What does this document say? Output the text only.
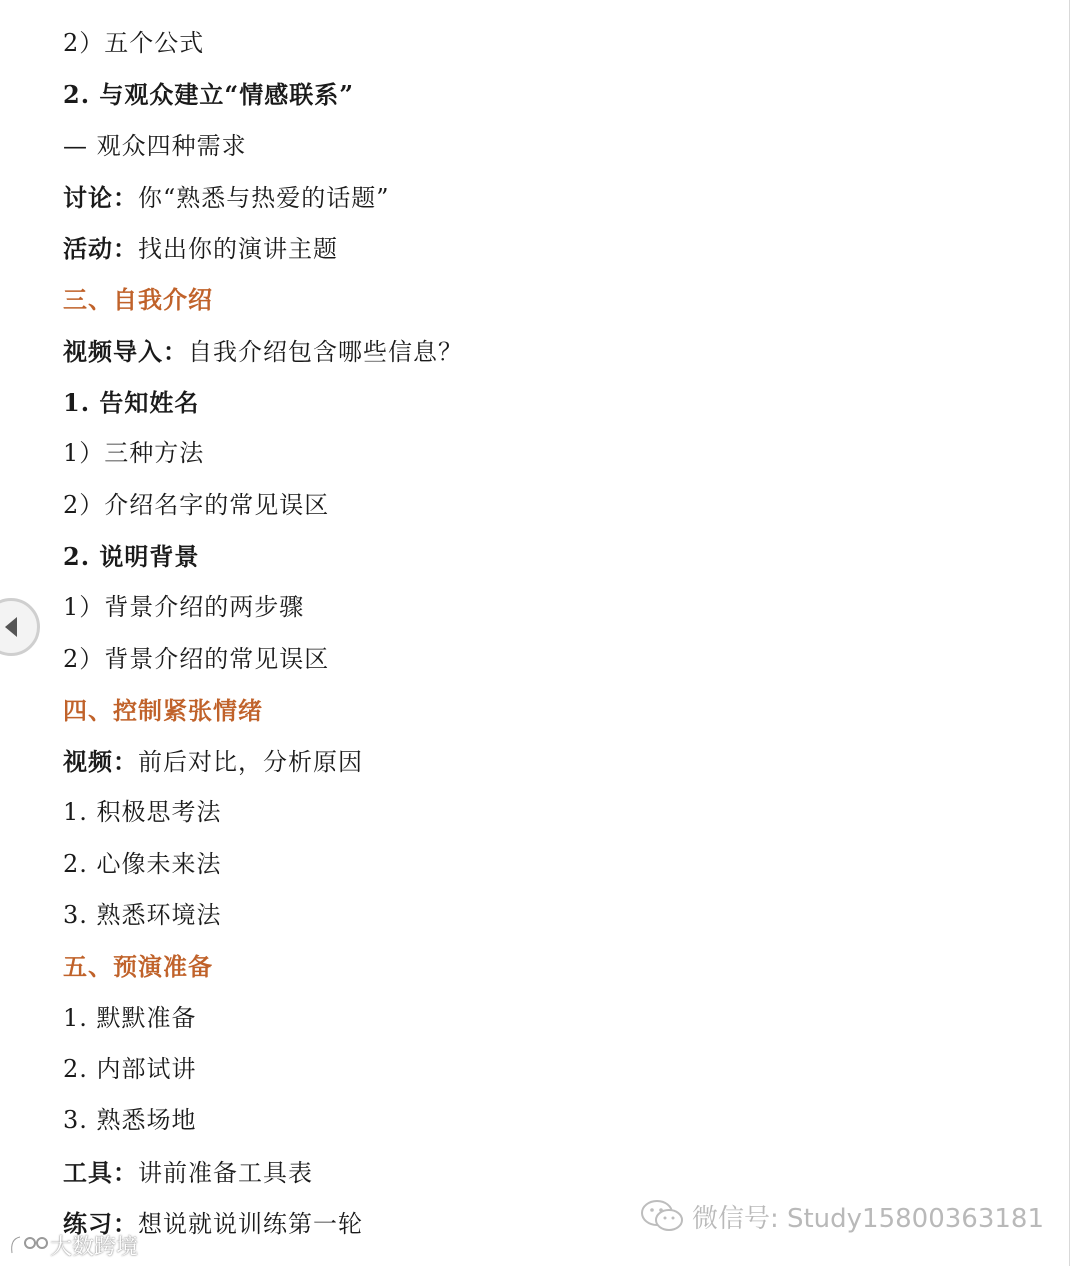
2）五个公式
2. 与观众建立“情感联系”
— 观众四种需求
讨论：你“熟悉与热爱的话题”
活动：找出你的演讲主题
三、自我介绍
视频导入：自我介绍包含哪些信息？
1. 告知姓名
1）三种方法
2）介绍名字的常见误区
2. 说明背景
1）背景介绍的两步骤
2）背景介绍的常见误区
四、控制紧张情绪
视频：前后对比，分析原因
1. 积极思考法
2. 心像未来法
3. 熟悉环境法
五、预演准备
1. 默默准备
2. 内部试讲
3. 熟悉场地
工具：讲前准备工具表
练习：想说就说训练第一轮	微信号: Study15800363181
大数跨境
